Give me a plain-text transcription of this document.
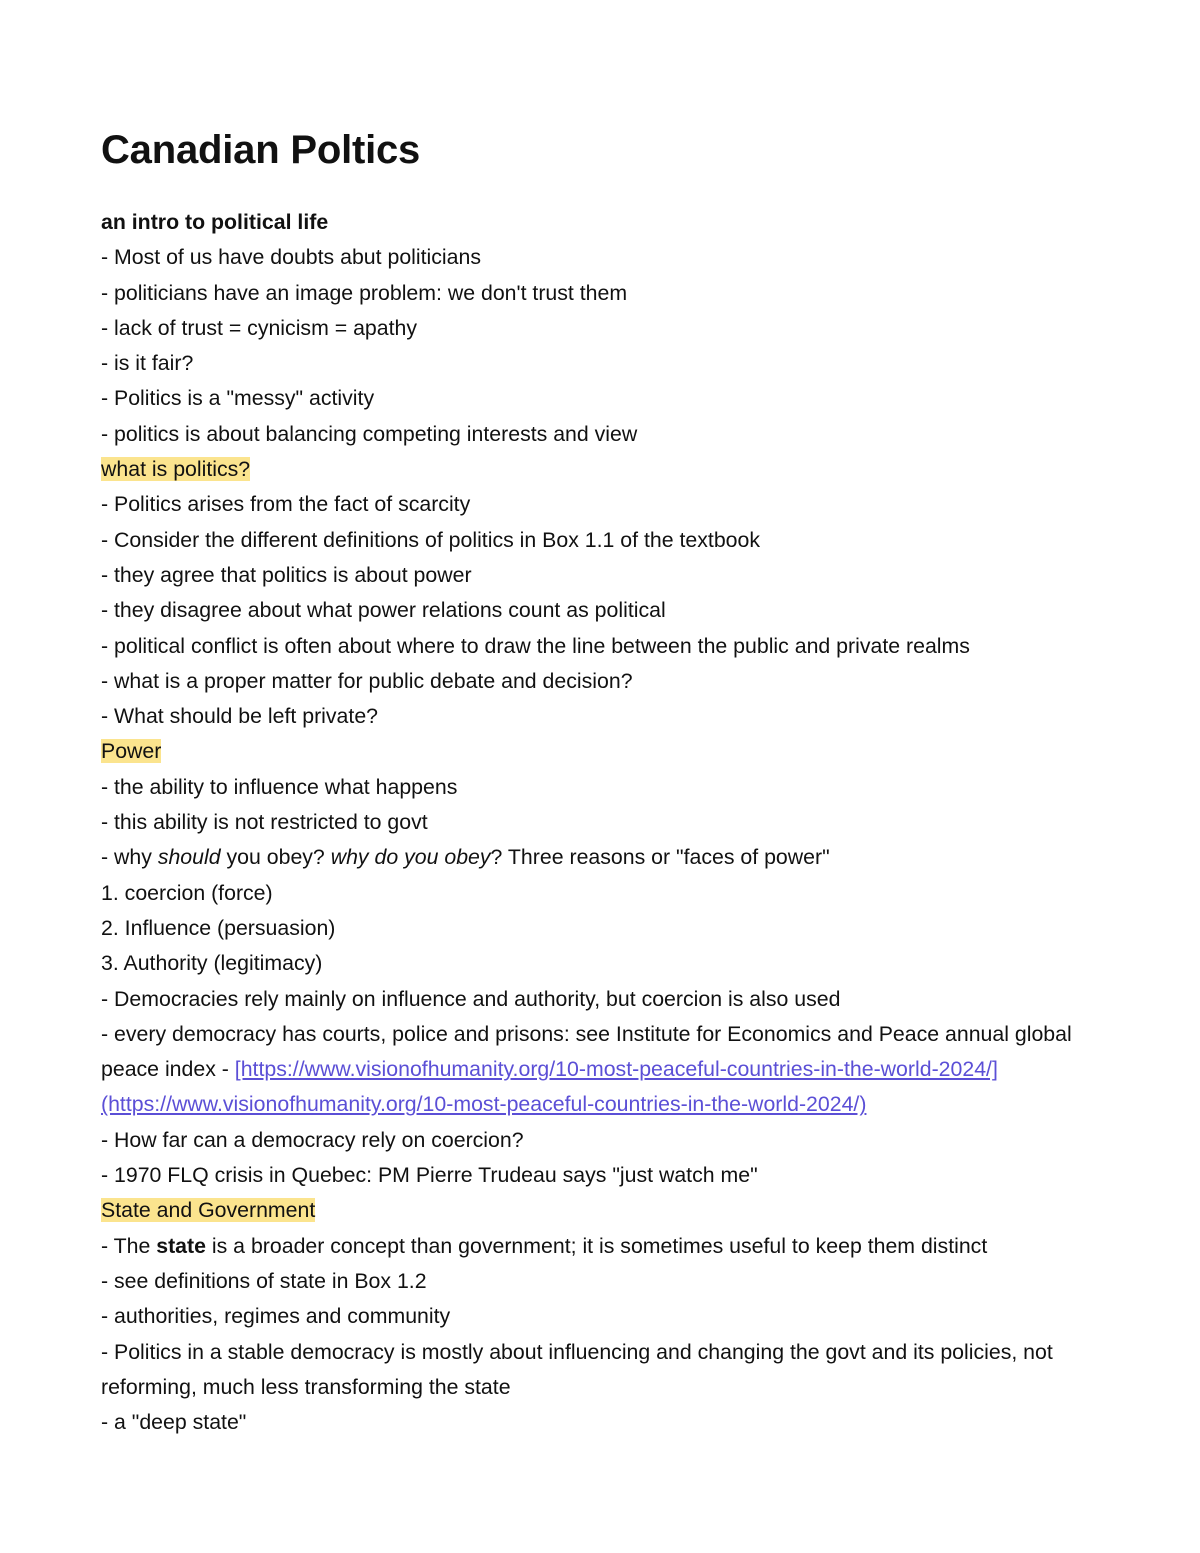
Canadian Poltics

an intro to political life

- Most of us have doubts abut politicians

- politicians have an image problem: we don't trust them

- lack of trust = cynicism = apathy

- is it fair?

- Politics is a "messy" activity

- politics is about balancing competing interests and view

what is politics?

- Politics arises from the fact of scarcity

- Consider the different definitions of politics in Box 1.1 of the textbook

- they agree that politics is about power

- they disagree about what power relations count as political

- political conflict is often about where to draw the line between the public and private realms

- what is a proper matter for public debate and decision?

- What should be left private?

Power

- the ability to influence what happens

- this ability is not restricted to govt

- why should you obey? why do you obey? Three reasons or "faces of power"

1. coercion (force)

2. Influence (persuasion)

3. Authority (legitimacy)

- Democracies rely mainly on influence and authority, but coercion is also used

- every democracy has courts, police and prisons: see Institute for Economics and Peace annual global peace index - [https://www.visionofhumanity.org/10-most-peaceful-countries-in-the-world-2024/](https://www.visionofhumanity.org/10-most-peaceful-countries-in-the-world-2024/)

- How far can a democracy rely on coercion?

- 1970 FLQ crisis in Quebec: PM Pierre Trudeau says "just watch me"

State and Government

- The state is a broader concept than government; it is sometimes useful to keep them distinct

- see definitions of state in Box 1.2

- authorities, regimes and community

- Politics in a stable democracy is mostly about influencing and changing the govt and its policies, not reforming, much less transforming the state

- a "deep state"
